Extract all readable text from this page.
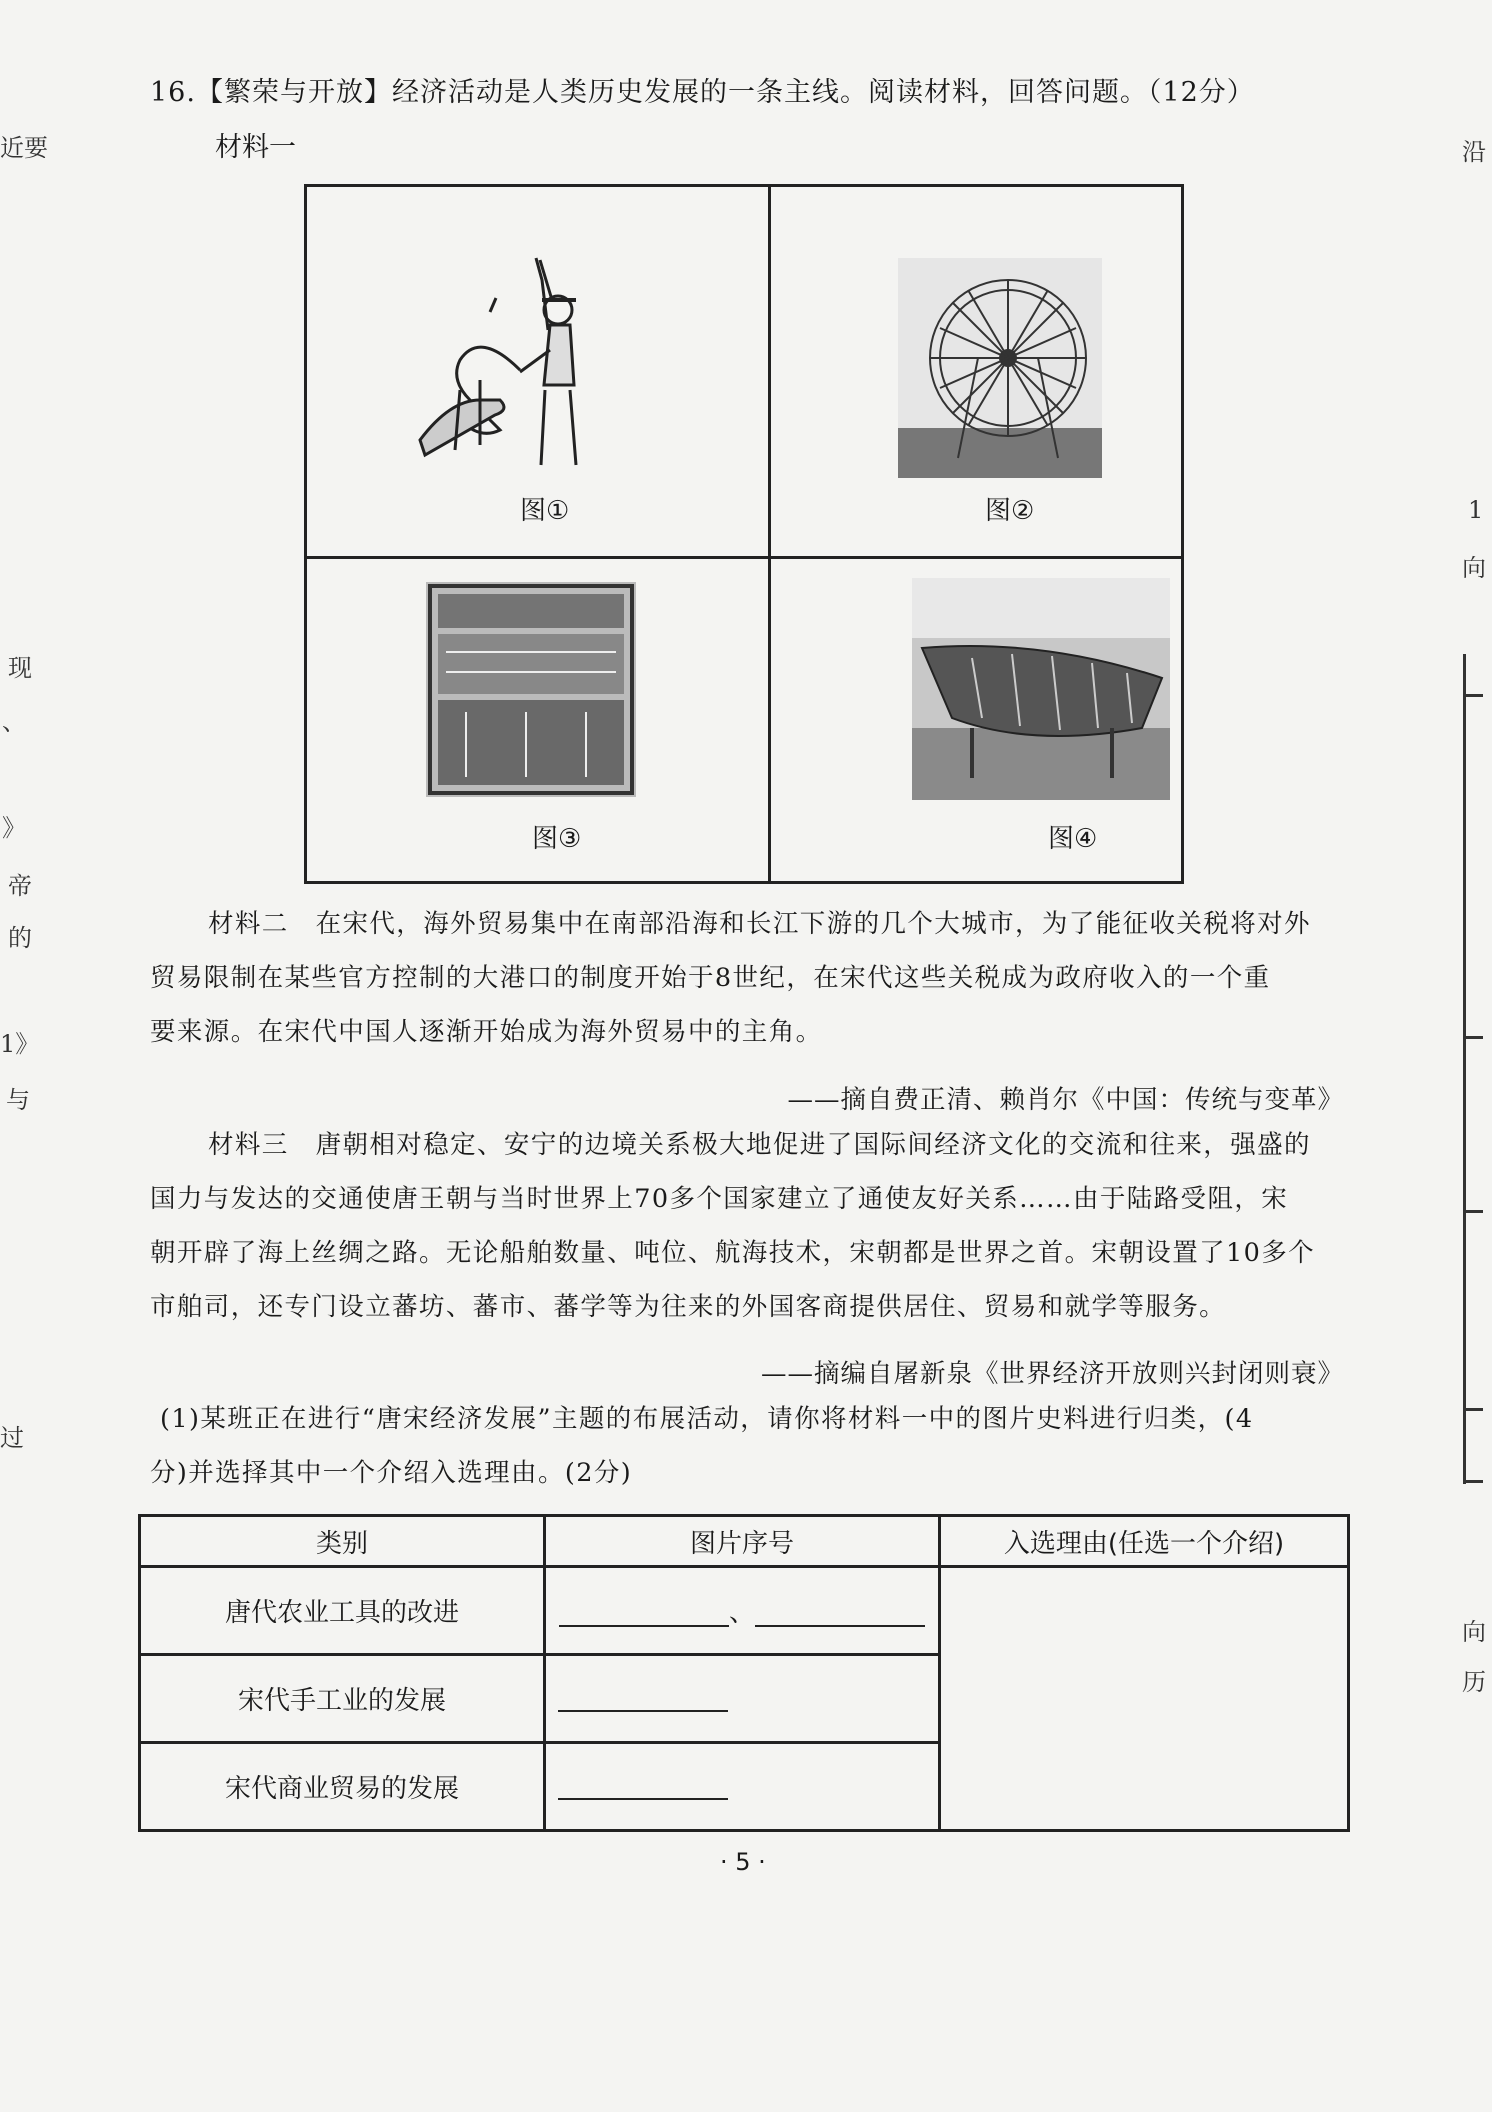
16.【繁荣与开放】经济活动是人类历史发展的一条主线。阅读材料，回答问题。（12分）
材料一
图①	图②
图③	图④
材料二　在宋代，海外贸易集中在南部沿海和长江下游的几个大城市，为了能征收关税将对外
贸易限制在某些官方控制的大港口的制度开始于8世纪，在宋代这些关税成为政府收入的一个重
要来源。在宋代中国人逐渐开始成为海外贸易中的主角。
——摘自费正清、赖肖尔《中国：传统与变革》
材料三　唐朝相对稳定、安宁的边境关系极大地促进了国际间经济文化的交流和往来，强盛的
国力与发达的交通使唐王朝与当时世界上70多个国家建立了通使友好关系……由于陆路受阻，宋
朝开辟了海上丝绸之路。无论船舶数量、吨位、航海技术，宋朝都是世界之首。宋朝设置了10多个
市舶司，还专门设立蕃坊、蕃市、蕃学等为往来的外国客商提供居住、贸易和就学等服务。
——摘编自屠新泉《世界经济开放则兴封闭则衰》
(1)某班正在进行“唐宋经济发展”主题的布展活动，请你将材料一中的图片史料进行归类，(4
分)并选择其中一个介绍入选理由。(2分)
类别	图片序号	入选理由(任选一个介绍)
唐代农业工具的改进	、	
宋代手工业的发展		
宋代商业贸易的发展		
· 5 ·
近要
现
、
》
帝
的
1》
与
过
沿
1
向
向
历
